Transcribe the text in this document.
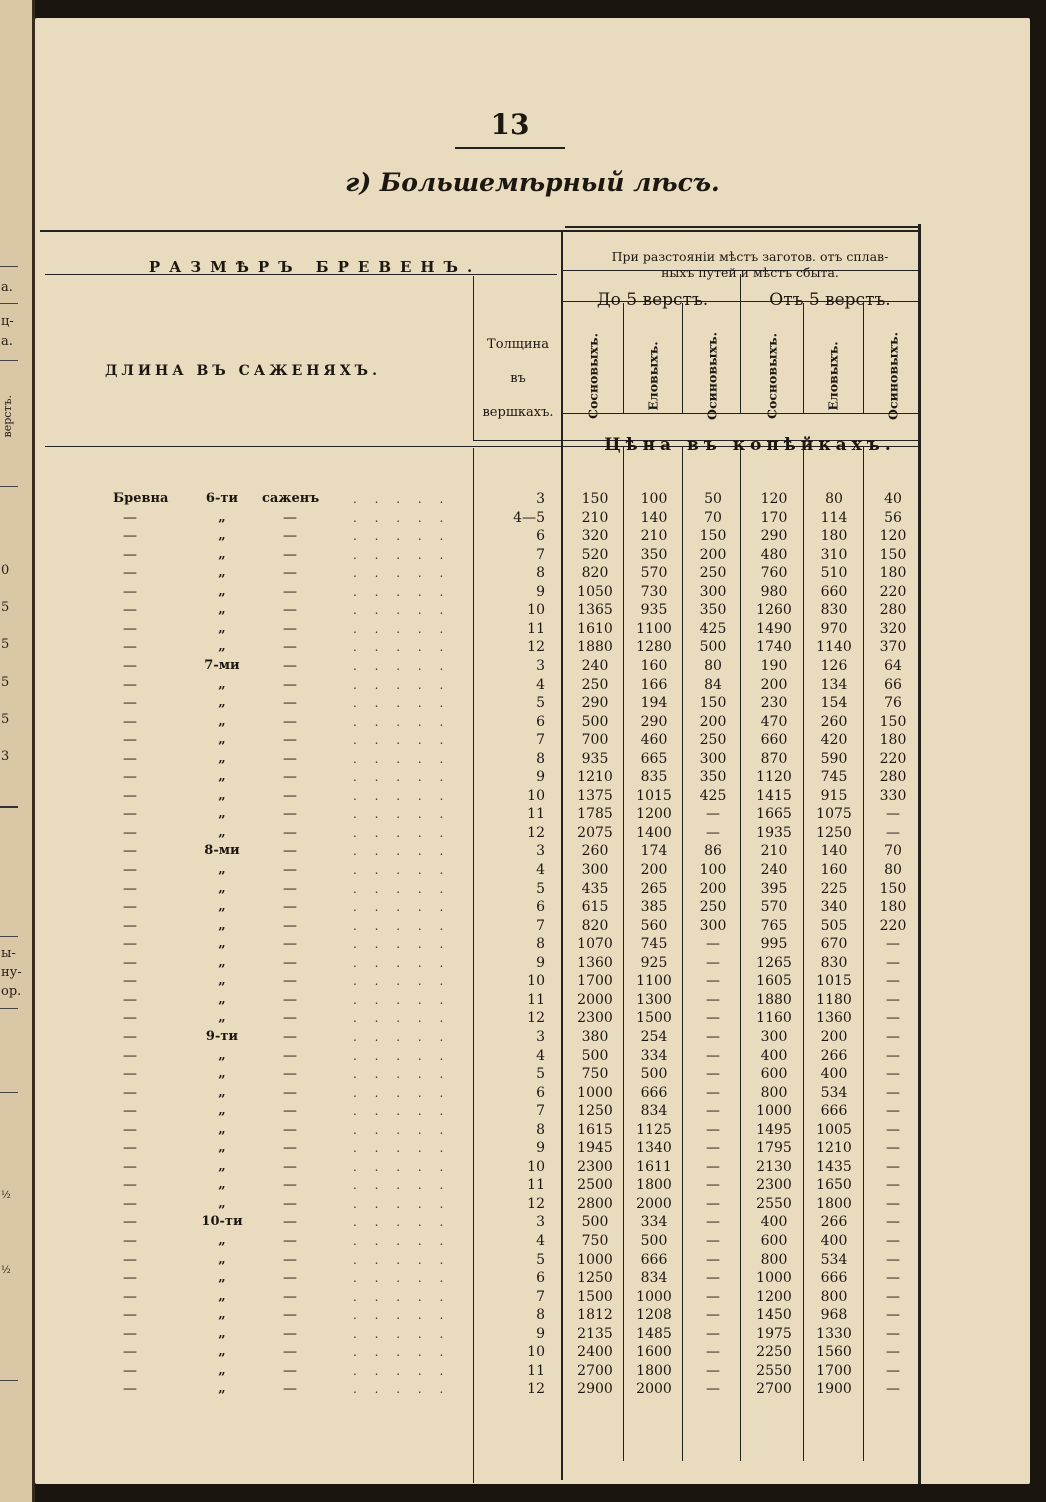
а.
ц-
а.
верстъ.
0
5
5
5
5
3
ы-
ну-
ор.
½
½
13
г) Большемѣрный лѣсъ.
РАЗМѢРЪ БРЕВЕНЪ.
При разстояніи мѣстъ заготов. отъ сплав-
ныхъ путей и мѣстъ сбыта.
До 5 верстъ.	Отъ 5 верстъ.
ДЛИНА ВЪ САЖЕНЯХЪ.
Толщина
въ
вершкахъ.	Сосновыхъ.	Еловыхъ.	Осиновыхъ.	Сосновыхъ.	Еловыхъ.	Осиновыхъ.
Цѣна въ копѣйкахъ.
Бревна	6-ти	саженъ	. . . . .	3	150	100	50	120	80	40
—	„	—	. . . . .	4—5	210	140	70	170	114	56
—	„	—	. . . . .	6	320	210	150	290	180	120
—	„	—	. . . . .	7	520	350	200	480	310	150
—	„	—	. . . . .	8	820	570	250	760	510	180
—	„	—	. . . . .	9	1050	730	300	980	660	220
—	„	—	. . . . .	10	1365	935	350	1260	830	280
—	„	—	. . . . .	11	1610	1100	425	1490	970	320
—	„	—	. . . . .	12	1880	1280	500	1740	1140	370
—	7-ми	—	. . . . .	3	240	160	80	190	126	64
—	„	—	. . . . .	4	250	166	84	200	134	66
—	„	—	. . . . .	5	290	194	150	230	154	76
—	„	—	. . . . .	6	500	290	200	470	260	150
—	„	—	. . . . .	7	700	460	250	660	420	180
—	„	—	. . . . .	8	935	665	300	870	590	220
—	„	—	. . . . .	9	1210	835	350	1120	745	280
—	„	—	. . . . .	10	1375	1015	425	1415	915	330
—	„	—	. . . . .	11	1785	1200	—	1665	1075	—
—	„	—	. . . . .	12	2075	1400	—	1935	1250	—
—	8-ми	—	. . . . .	3	260	174	86	210	140	70
—	„	—	. . . . .	4	300	200	100	240	160	80
—	„	—	. . . . .	5	435	265	200	395	225	150
—	„	—	. . . . .	6	615	385	250	570	340	180
—	„	—	. . . . .	7	820	560	300	765	505	220
—	„	—	. . . . .	8	1070	745	—	995	670	—
—	„	—	. . . . .	9	1360	925	—	1265	830	—
—	„	—	. . . . .	10	1700	1100	—	1605	1015	—
—	„	—	. . . . .	11	2000	1300	—	1880	1180	—
—	„	—	. . . . .	12	2300	1500	—	1160	1360	—
—	9-ти	—	. . . . .	3	380	254	—	300	200	—
—	„	—	. . . . .	4	500	334	—	400	266	—
—	„	—	. . . . .	5	750	500	—	600	400	—
—	„	—	. . . . .	6	1000	666	—	800	534	—
—	„	—	. . . . .	7	1250	834	—	1000	666	—
—	„	—	. . . . .	8	1615	1125	—	1495	1005	—
—	„	—	. . . . .	9	1945	1340	—	1795	1210	—
—	„	—	. . . . .	10	2300	1611	—	2130	1435	—
—	„	—	. . . . .	11	2500	1800	—	2300	1650	—
—	„	—	. . . . .	12	2800	2000	—	2550	1800	—
—	10-ти	—	. . . . .	3	500	334	—	400	266	—
—	„	—	. . . . .	4	750	500	—	600	400	—
—	„	—	. . . . .	5	1000	666	—	800	534	—
—	„	—	. . . . .	6	1250	834	—	1000	666	—
—	„	—	. . . . .	7	1500	1000	—	1200	800	—
—	„	—	. . . . .	8	1812	1208	—	1450	968	—
—	„	—	. . . . .	9	2135	1485	—	1975	1330	—
—	„	—	. . . . .	10	2400	1600	—	2250	1560	—
—	„	—	. . . . .	11	2700	1800	—	2550	1700	—
—	„	—	. . . . .	12	2900	2000	—	2700	1900	—
